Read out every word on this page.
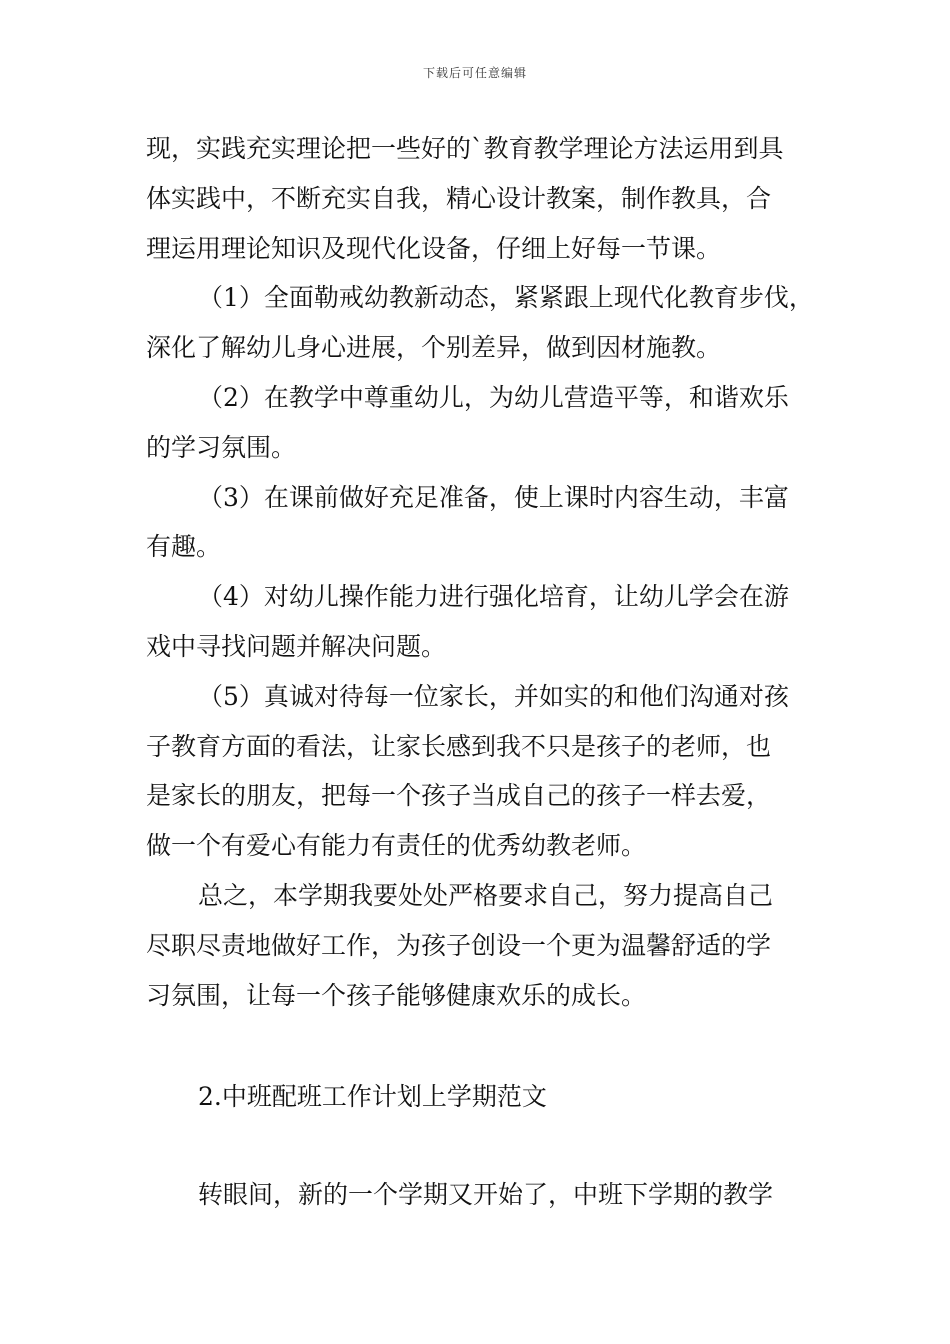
下载后可任意编辑

现，实践充实理论把一些好的`教育教学理论方法运用到具
体实践中，不断充实自我，精心设计教案，制作教具，合
理运用理论知识及现代化设备，仔细上好每一节课。

（1）全面勒戒幼教新动态，紧紧跟上现代化教育步伐，
深化了解幼儿身心进展，个别差异，做到因材施教。

（2）在教学中尊重幼儿，为幼儿营造平等，和谐欢乐
的学习氛围。

（3）在课前做好充足准备，使上课时内容生动，丰富
有趣。

（4）对幼儿操作能力进行强化培育，让幼儿学会在游
戏中寻找问题并解决问题。

（5）真诚对待每一位家长，并如实的和他们沟通对孩
子教育方面的看法，让家长感到我不只是孩子的老师，也
是家长的朋友，把每一个孩子当成自己的孩子一样去爱，
做一个有爱心有能力有责任的优秀幼教老师。

总之，本学期我要处处严格要求自己，努力提高自己
尽职尽责地做好工作，为孩子创设一个更为温馨舒适的学
习氛围，让每一个孩子能够健康欢乐的成长。

2.中班配班工作计划上学期范文
转眼间，新的一个学期又开始了，中班下学期的教学
